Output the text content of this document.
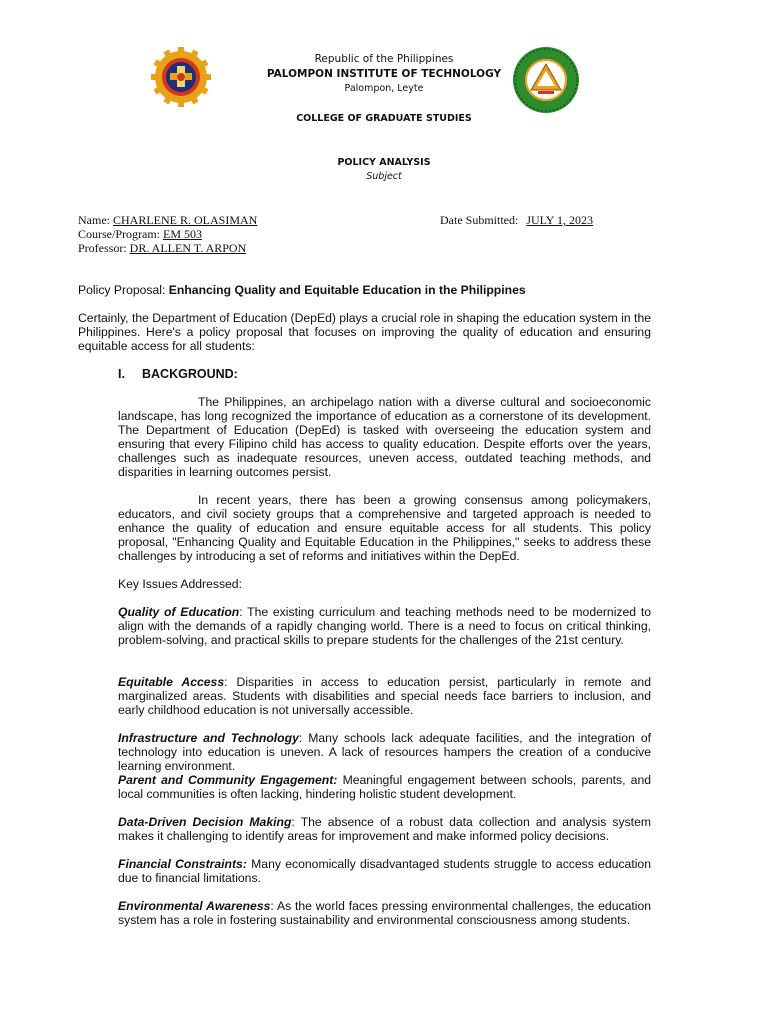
Republic of the Philippines
PALOMPON INSTITUTE OF TECHNOLOGY
Palompon, Leyte
COLLEGE OF GRADUATE STUDIES
POLICY ANALYSIS
Subject
Name: CHARLENE R. OLASIMAN
Course/Program: EM 503
Professor: DR. ALLEN T. ARPON
Date Submitted: JULY 1, 2023
Policy Proposal: Enhancing Quality and Equitable Education in the Philippines
Certainly, the Department of Education (DepEd) plays a crucial role in shaping the education system in the Philippines. Here's a policy proposal that focuses on improving the quality of education and ensuring equitable access for all students:
I. BACKGROUND:
The Philippines, an archipelago nation with a diverse cultural and socioeconomic landscape, has long recognized the importance of education as a cornerstone of its development. The Department of Education (DepEd) is tasked with overseeing the education system and ensuring that every Filipino child has access to quality education. Despite efforts over the years, challenges such as inadequate resources, uneven access, outdated teaching methods, and disparities in learning outcomes persist.
In recent years, there has been a growing consensus among policymakers, educators, and civil society groups that a comprehensive and targeted approach is needed to enhance the quality of education and ensure equitable access for all students. This policy proposal, "Enhancing Quality and Equitable Education in the Philippines," seeks to address these challenges by introducing a set of reforms and initiatives within the DepEd.
Key Issues Addressed:
Quality of Education: The existing curriculum and teaching methods need to be modernized to align with the demands of a rapidly changing world. There is a need to focus on critical thinking, problem-solving, and practical skills to prepare students for the challenges of the 21st century.
Equitable Access: Disparities in access to education persist, particularly in remote and marginalized areas. Students with disabilities and special needs face barriers to inclusion, and early childhood education is not universally accessible.
Infrastructure and Technology: Many schools lack adequate facilities, and the integration of technology into education is uneven. A lack of resources hampers the creation of a conducive learning environment.
Parent and Community Engagement: Meaningful engagement between schools, parents, and local communities is often lacking, hindering holistic student development.
Data-Driven Decision Making: The absence of a robust data collection and analysis system makes it challenging to identify areas for improvement and make informed policy decisions.
Financial Constraints: Many economically disadvantaged students struggle to access education due to financial limitations.
Environmental Awareness: As the world faces pressing environmental challenges, the education system has a role in fostering sustainability and environmental consciousness among students.
